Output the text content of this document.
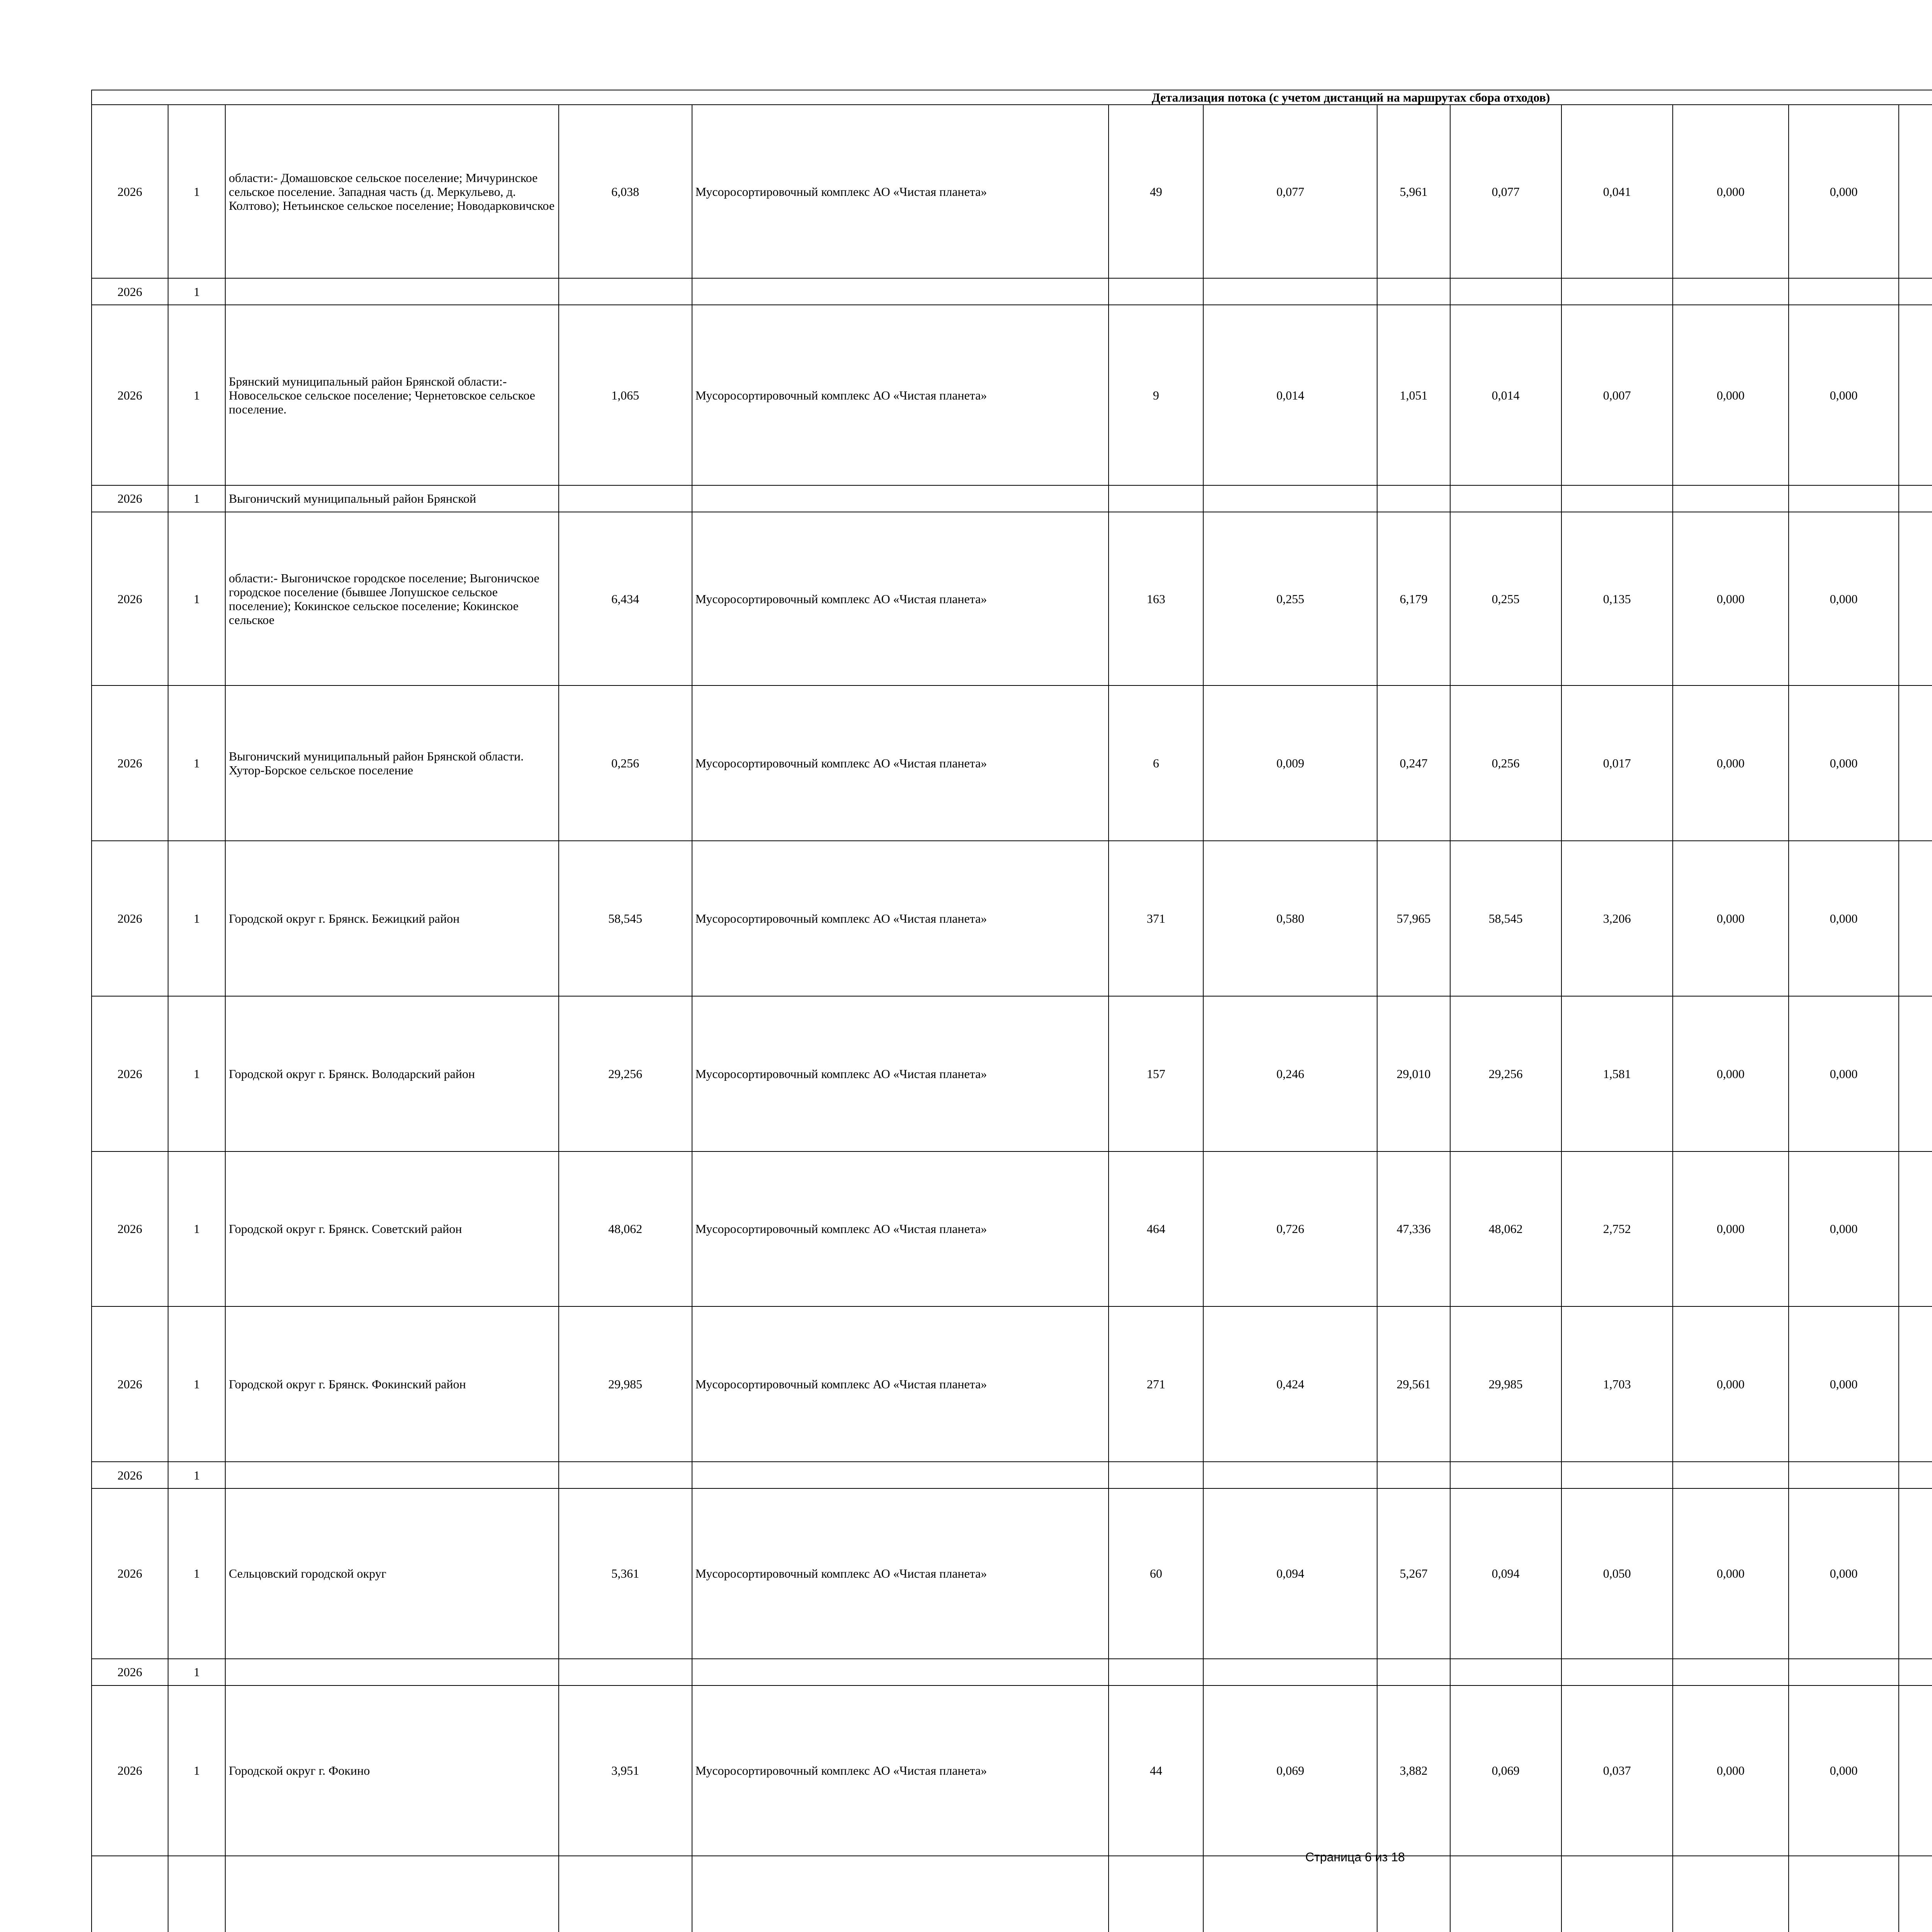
Детализация потока (с учетом дистанций на маршрутах сбора отходов)																
2026	1	области:- Домашовское сельское поселение; Мичуринское сельское поселение. Западная часть (д. Меркульево, д. Колтово); Нетьинское сельское поселение; Новодарковичское	6,038	Мусоросортировочный комплекс АО «Чистая планета»	49	0,077	5,961	0,077	0,041	0,000	0,000					
2026	1															
2026	1	Брянский муниципальный район Брянской области:- Новосельское сельское поселение; Чернетовское сельское поселение.	1,065	Мусоросортировочный комплекс АО «Чистая планета»	9	0,014	1,051	0,014	0,007	0,000	0,000					
2026	1	Выгоничский муниципальный район Брянской														
2026	1	области:- Выгоничское городское поселение; Выгоничское городское поселение (бывшее Лопушское сельское поселение); Кокинское сельское поселение; Кокинское сельское	6,434	Мусоросортировочный комплекс АО «Чистая планета»	163	0,255	6,179	0,255	0,135	0,000	0,000					
2026	1	Выгоничский муниципальный район Брянской области. Хутор-Борское сельское поселение	0,256	Мусоросортировочный комплекс АО «Чистая планета»	6	0,009	0,247	0,256	0,017	0,000	0,000					
2026	1	Городской округ г. Брянск. Бежицкий район	58,545	Мусоросортировочный комплекс АО «Чистая планета»	371	0,580	57,965	58,545	3,206	0,000	0,000					
2026	1	Городской округ г. Брянск. Володарский район	29,256	Мусоросортировочный комплекс АО «Чистая планета»	157	0,246	29,010	29,256	1,581	0,000	0,000					
2026	1	Городской округ г. Брянск. Советский район	48,062	Мусоросортировочный комплекс АО «Чистая планета»	464	0,726	47,336	48,062	2,752	0,000	0,000					
2026	1	Городской округ г. Брянск. Фокинский район	29,985	Мусоросортировочный комплекс АО «Чистая планета»	271	0,424	29,561	29,985	1,703	0,000	0,000					
2026	1															
2026	1	Сельцовский городской округ	5,361	Мусоросортировочный комплекс АО «Чистая планета»	60	0,094	5,267	0,094	0,050	0,000	0,000					
2026	1															
2026	1	Городской округ г. Фокино	3,951	Мусоросортировочный комплекс АО «Чистая планета»	44	0,069	3,882	0,069	0,037	0,000	0,000					

Страница 6 из 18
